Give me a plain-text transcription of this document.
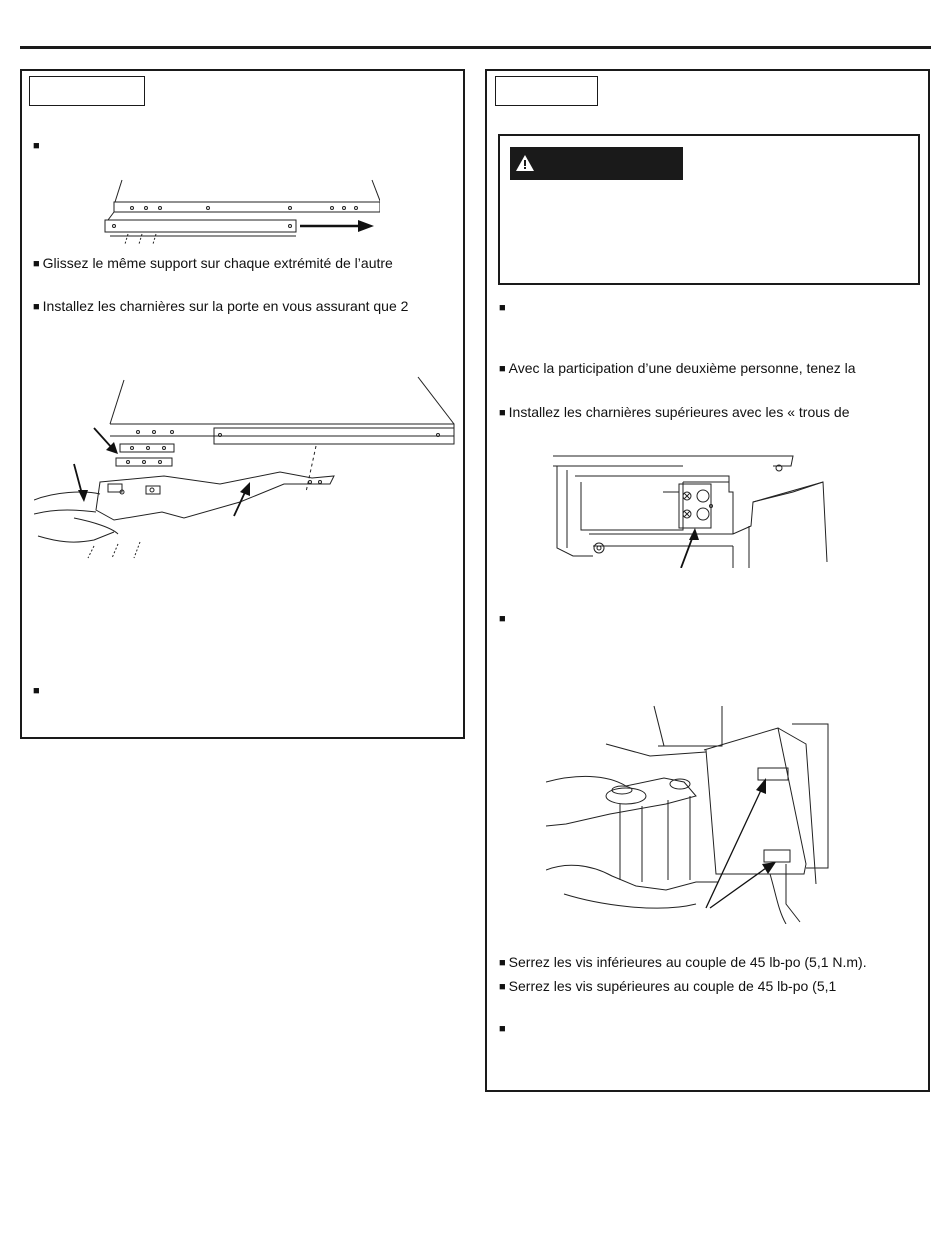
■
■ Glissez le même support sur chaque extrémité de l’autre
■ Installez les charnières sur la porte en vous assurant que 2
■
■
■ Avec la participation d’une deuxième personne, tenez la
■ Installez les charnières supérieures avec les « trous de
■
■ Serrez les vis inférieures au couple de 45 lb-po (5,1 N.m).
■ Serrez les vis supérieures au couple de 45 lb-po (5,1
■
